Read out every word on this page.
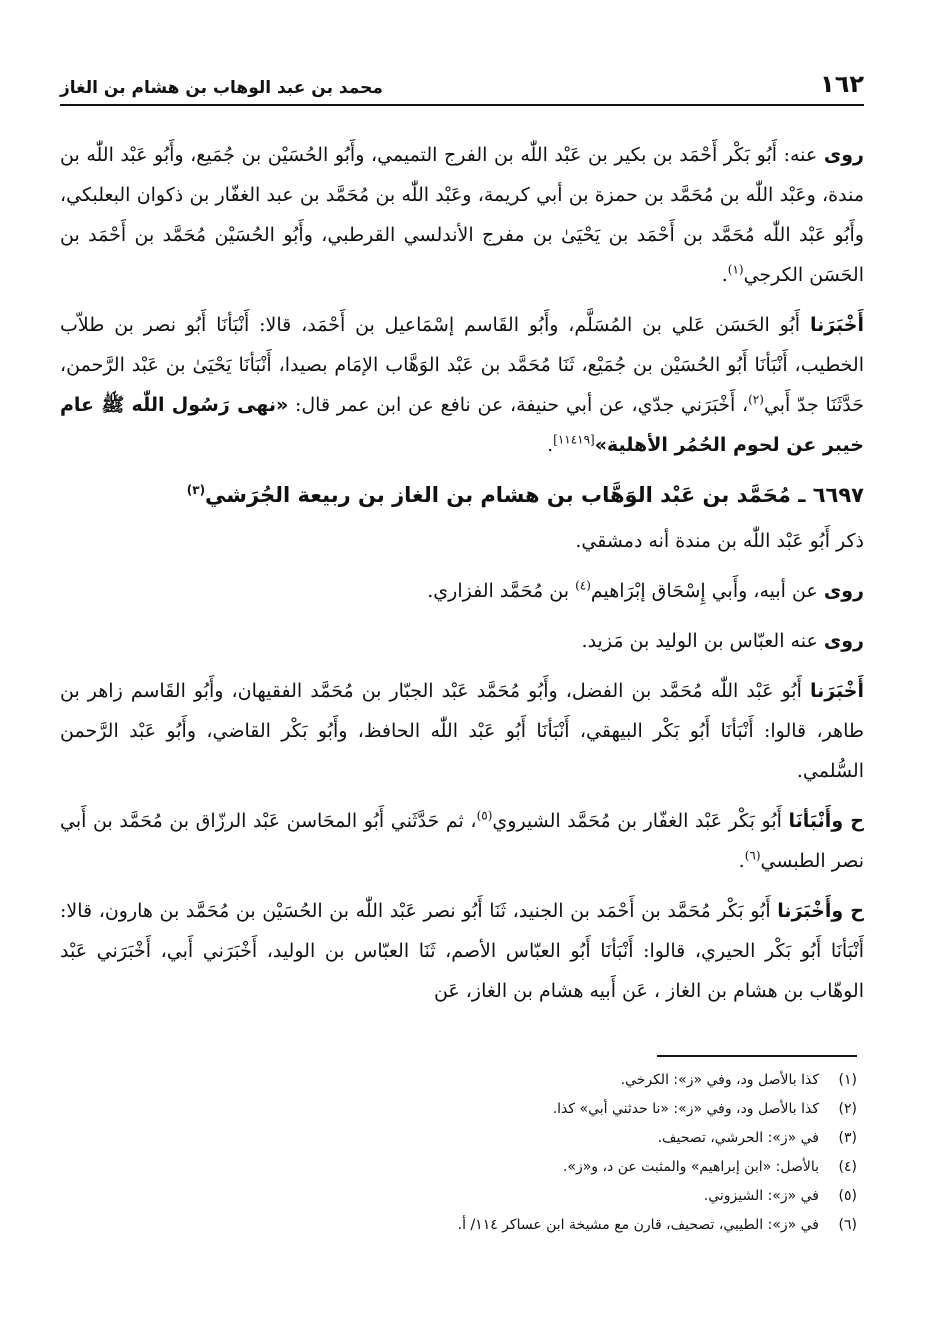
١٦٢
محمد بن عبد الوهاب بن هشام بن الغاز

روى عنه: أَبُو بَكْر أَحْمَد بن بكير بن عَبْد اللّٰه بن الفرج التميمي، وأَبُو الحُسَيْن بن جُمَيع، وأَبُو عَبْد اللّٰه بن مندة، وعَبْد اللّٰه بن مُحَمَّد بن حمزة بن أبي كريمة، وعَبْد اللّٰه بن مُحَمَّد بن عبد الغفّار بن ذكوان البعلبكي، وأَبُو عَبْد اللّٰه مُحَمَّد بن أَحْمَد بن يَحْيَىٰ بن مفرج الأندلسي القرطبي، وأَبُو الحُسَيْن مُحَمَّد بن أَحْمَد بن الحَسَن الكرجي$^{(١)}$.

أَخْبَرَنا أَبُو الحَسَن عَلي بن المُسَلَّم، وأَبُو القَاسم إسْمَاعيل بن أَحْمَد، قالا: أَنْبَأنَا أَبُو نصر بن طلاّب الخطيب، أَنْبَأنَا أَبُو الحُسَيْن بن جُمَيْع، ثَنَا مُحَمَّد بن عَبْد الوَهَّاب الإمَام بصيدا، أَنْبَأنَا يَحْيَىٰ بن عَبْد الرَّحمن، حَدَّثَنَا جدّ أَبي$^{(٢)}$، أَخْبَرَني جدّي، عن أبي حنيفة، عن نافع عن ابن عمر قال: «نهى رَسُول اللّٰه ﷺ عام خيبر عن لحوم الحُمُر الأهلية»[١١٤١٩].

٦٦٩٧ ـ مُحَمَّد بن عَبْد الوَهَّاب بن هشام بن الغاز بن ربيعة الجُرَشي$^{(٣)}$

ذكر أَبُو عَبْد اللّٰه بن مندة أنه دمشقي.

روى عن أبيه، وأَبي إِسْحَاق إبْرَاهيم$^{(٤)}$ بن مُحَمَّد الفزاري.

روى عنه العبّاس بن الوليد بن مَزيد.

أَخْبَرَنا أَبُو عَبْد اللّٰه مُحَمَّد بن الفضل، وأَبُو مُحَمَّد عَبْد الجبّار بن مُحَمَّد الفقيهان، وأَبُو القَاسم زاهر بن طاهر، قالوا: أَنْبَأنَا أَبُو بَكْر البيهقي، أَنْبَأنَا أَبُو عَبْد اللّٰه الحافظ، وأَبُو بَكْر القاضي، وأَبُو عَبْد الرَّحمن السُّلمي.

ح وأَنْبَأنَا أَبُو بَكْر عَبْد الغفّار بن مُحَمَّد الشيروي$^{(٥)}$، ثم حَدَّثَني أَبُو المحَاسن عَبْد الرزّاق بن مُحَمَّد بن أَبي نصر الطبسي$^{(٦)}$.

ح وأَخْبَرَنا أَبُو بَكْر مُحَمَّد بن أَحْمَد بن الجنيد، ثَنَا أَبُو نصر عَبْد اللّٰه بن الحُسَيْن بن مُحَمَّد بن هارون، قالا: أَنْبَأنَا أَبُو بَكْر الحيري، قالوا: أَنْبَأنَا أَبُو العبّاس الأصم، ثَنَا العبّاس بن الوليد، أَخْبَرَني أَبي، أَخْبَرَني عَبْد الوهّاب بن هشام بن الغاز ، عَن أَبيه هشام بن الغاز، عَن

(١)
كذا بالأصل ود، وفي «ز»: الكرخي.
(٢)
كذا بالأصل ود، وفي «ز»: «نا حدثني أبي» كذا.
(٣)
في «ز»: الحرشي، تصحيف.
(٤)
بالأصل: «ابن إبراهيم» والمثبت عن د، و«ز».
(٥)
في «ز»: الشيزوني.
(٦)
في «ز»: الطيبي، تصحيف، قارن مع مشيخة ابن عساكر ١١٤/ أ.
